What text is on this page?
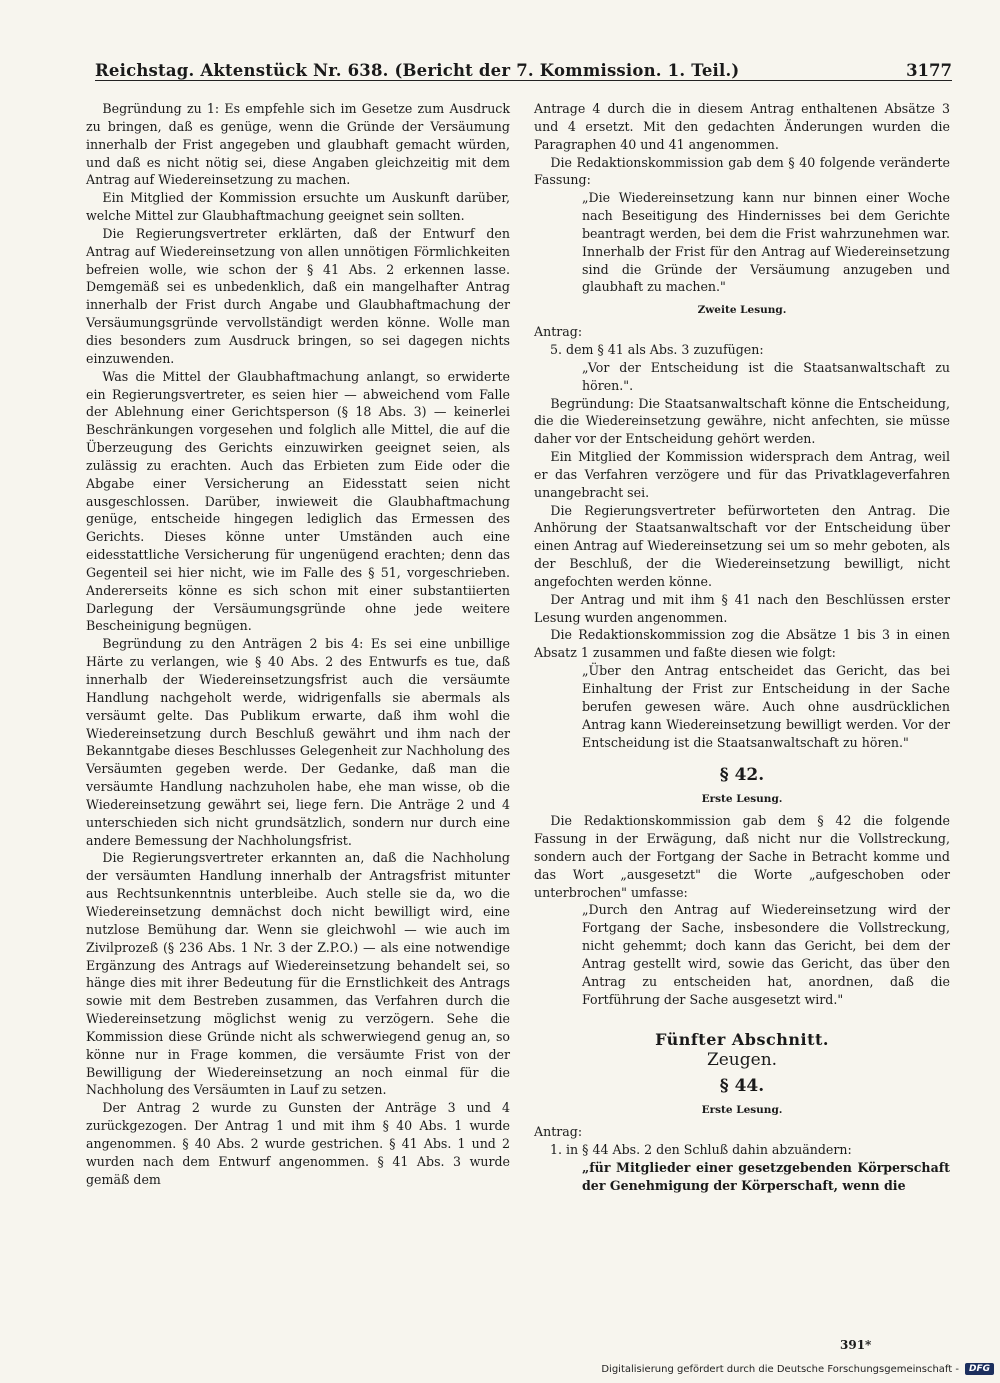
Reichstag. Aktenstück Nr. 638. (Bericht der 7. Kommission. 1. Teil.)	3177

Begründung zu 1: Es empfehle sich im Gesetze zum Ausdruck zu bringen, daß es genüge, wenn die Gründe der Versäumung innerhalb der Frist angegeben und glaubhaft gemacht würden, und daß es nicht nötig sei, diese Angaben gleichzeitig mit dem Antrag auf Wiedereinsetzung zu machen.

Ein Mitglied der Kommission ersuchte um Auskunft darüber, welche Mittel zur Glaubhaftmachung geeignet sein sollten.

Die Regierungsvertreter erklärten, daß der Entwurf den Antrag auf Wiedereinsetzung von allen unnötigen Förmlichkeiten befreien wolle, wie schon der § 41 Abs. 2 erkennen lasse. Demgemäß sei es unbedenklich, daß ein mangelhafter Antrag innerhalb der Frist durch Angabe und Glaubhaftmachung der Versäumungsgründe vervollständigt werden könne. Wolle man dies besonders zum Ausdruck bringen, so sei dagegen nichts einzuwenden.

Was die Mittel der Glaubhaftmachung anlangt, so erwiderte ein Regierungsvertreter, es seien hier — abweichend vom Falle der Ablehnung einer Gerichtsperson (§ 18 Abs. 3) — keinerlei Beschränkungen vorgesehen und folglich alle Mittel, die auf die Überzeugung des Gerichts einzuwirken geeignet seien, als zulässig zu erachten. Auch das Erbieten zum Eide oder die Abgabe einer Versicherung an Eidesstatt seien nicht ausgeschlossen. Darüber, inwieweit die Glaubhaftmachung genüge, entscheide hingegen lediglich das Ermessen des Gerichts. Dieses könne unter Umständen auch eine eidesstattliche Versicherung für ungenügend erachten; denn das Gegenteil sei hier nicht, wie im Falle des § 51, vorgeschrieben. Andererseits könne es sich schon mit einer substantiierten Darlegung der Versäumungsgründe ohne jede weitere Bescheinigung begnügen.

Begründung zu den Anträgen 2 bis 4: Es sei eine unbillige Härte zu verlangen, wie § 40 Abs. 2 des Entwurfs es tue, daß innerhalb der Wiedereinsetzungsfrist auch die versäumte Handlung nachgeholt werde, widrigenfalls sie abermals als versäumt gelte. Das Publikum erwarte, daß ihm wohl die Wiedereinsetzung durch Beschluß gewährt und ihm nach der Bekanntgabe dieses Beschlusses Gelegenheit zur Nachholung des Versäumten gegeben werde. Der Gedanke, daß man die versäumte Handlung nachzuholen habe, ehe man wisse, ob die Wiedereinsetzung gewährt sei, liege fern. Die Anträge 2 und 4 unterschieden sich nicht grundsätzlich, sondern nur durch eine andere Bemessung der Nachholungsfrist.

Die Regierungsvertreter erkannten an, daß die Nachholung der versäumten Handlung innerhalb der Antragsfrist mitunter aus Rechtsunkenntnis unterbleibe. Auch stelle sie da, wo die Wiedereinsetzung demnächst doch nicht bewilligt wird, eine nutzlose Bemühung dar. Wenn sie gleichwohl — wie auch im Zivilprozeß (§ 236 Abs. 1 Nr. 3 der Z.P.O.) — als eine notwendige Ergänzung des Antrags auf Wiedereinsetzung behandelt sei, so hänge dies mit ihrer Bedeutung für die Ernstlichkeit des Antrags sowie mit dem Bestreben zusammen, das Verfahren durch die Wiedereinsetzung möglichst wenig zu verzögern. Sehe die Kommission diese Gründe nicht als schwerwiegend genug an, so könne nur in Frage kommen, die versäumte Frist von der Bewilligung der Wiedereinsetzung an noch einmal für die Nachholung des Versäumten in Lauf zu setzen.

Der Antrag 2 wurde zu Gunsten der Anträge 3 und 4 zurückgezogen. Der Antrag 1 und mit ihm § 40 Abs. 1 wurde angenommen. § 40 Abs. 2 wurde gestrichen. § 41 Abs. 1 und 2 wurden nach dem Entwurf angenommen. § 41 Abs. 3 wurde gemäß dem

Antrage 4 durch die in diesem Antrag enthaltenen Absätze 3 und 4 ersetzt. Mit den gedachten Änderungen wurden die Paragraphen 40 und 41 angenommen.

Die Redaktionskommission gab dem § 40 folgende veränderte Fassung:

„Die Wiedereinsetzung kann nur binnen einer Woche nach Beseitigung des Hindernisses bei dem Gerichte beantragt werden, bei dem die Frist wahrzunehmen war. Innerhalb der Frist für den Antrag auf Wiedereinsetzung sind die Gründe der Versäumung anzugeben und glaubhaft zu machen."

Zweite Lesung.

Antrag:

5. dem § 41 als Abs. 3 zuzufügen:

„Vor der Entscheidung ist die Staatsanwaltschaft zu hören.".

Begründung: Die Staatsanwaltschaft könne die Entscheidung, die die Wiedereinsetzung gewähre, nicht anfechten, sie müsse daher vor der Entscheidung gehört werden.

Ein Mitglied der Kommission widersprach dem Antrag, weil er das Verfahren verzögere und für das Privatklageverfahren unangebracht sei.

Die Regierungsvertreter befürworteten den Antrag. Die Anhörung der Staatsanwaltschaft vor der Entscheidung über einen Antrag auf Wiedereinsetzung sei um so mehr geboten, als der Beschluß, der die Wiedereinsetzung bewilligt, nicht angefochten werden könne.

Der Antrag und mit ihm § 41 nach den Beschlüssen erster Lesung wurden angenommen.

Die Redaktionskommission zog die Absätze 1 bis 3 in einen Absatz 1 zusammen und faßte diesen wie folgt:

„Über den Antrag entscheidet das Gericht, das bei Einhaltung der Frist zur Entscheidung in der Sache berufen gewesen wäre. Auch ohne ausdrücklichen Antrag kann Wiedereinsetzung bewilligt werden. Vor der Entscheidung ist die Staatsanwaltschaft zu hören."

§ 42.
Erste Lesung.

Die Redaktionskommission gab dem § 42 die folgende Fassung in der Erwägung, daß nicht nur die Vollstreckung, sondern auch der Fortgang der Sache in Betracht komme und das Wort „ausgesetzt" die Worte „aufgeschoben oder unterbrochen" umfasse:

„Durch den Antrag auf Wiedereinsetzung wird der Fortgang der Sache, insbesondere die Vollstreckung, nicht gehemmt; doch kann das Gericht, bei dem der Antrag gestellt wird, sowie das Gericht, das über den Antrag zu entscheiden hat, anordnen, daß die Fortführung der Sache ausgesetzt wird."

Fünfter Abschnitt.
Zeugen.
§ 44.
Erste Lesung.

Antrag:

1. in § 44 Abs. 2 den Schluß dahin abzuändern:

„für Mitglieder einer gesetzgebenden Körperschaft der Genehmigung der Körperschaft, wenn die

391*
Digitalisierung gefördert durch die Deutsche Forschungsgemeinschaft -	DFG
